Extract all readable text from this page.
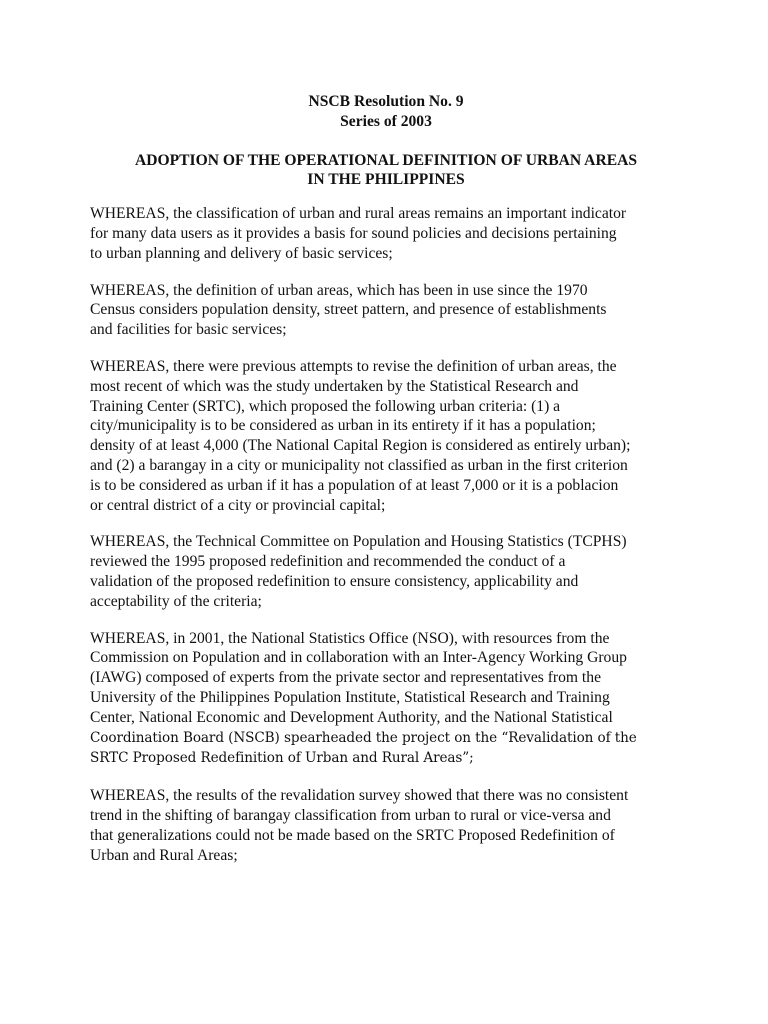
NSCB Resolution No. 9

Series of 2003

ADOPTION OF THE OPERATIONAL DEFINITION OF URBAN AREAS

IN THE PHILIPPINES

WHEREAS, the classification of urban and rural areas remains an important indicator
for many data users as it provides a basis for sound policies and decisions pertaining
to urban planning and delivery of basic services;

WHEREAS, the definition of urban areas, which has been in use since the 1970
Census considers population density, street pattern, and presence of establishments
and facilities for basic services;

WHEREAS, there were previous attempts to revise the definition of urban areas, the
most recent of which was the study undertaken by the Statistical Research and
Training Center (SRTC), which proposed the following urban criteria: (1) a
city/municipality is to be considered as urban in its entirety if it has a population;
density of at least 4,000 (The National Capital Region is considered as entirely urban);
and (2) a barangay in a city or municipality not classified as urban in the first criterion
is to be considered as urban if it has a population of at least 7,000 or it is a poblacion
or central district of a city or provincial capital;

WHEREAS, the Technical Committee on Population and Housing Statistics (TCPHS)
reviewed the 1995 proposed redefinition and recommended the conduct of a
validation of the proposed redefinition to ensure consistency, applicability and
acceptability of the criteria;

WHEREAS, in 2001, the National Statistics Office (NSO), with resources from the
Commission on Population and in collaboration with an Inter-Agency Working Group
(IAWG) composed of experts from the private sector and representatives from the
University of the Philippines Population Institute, Statistical Research and Training
Center, National Economic and Development Authority, and the National Statistical
Coordination Board (NSCB) spearheaded the project on the “Revalidation of the
SRTC Proposed Redefinition of Urban and Rural Areas”;

WHEREAS, the results of the revalidation survey showed that there was no consistent
trend in the shifting of barangay classification from urban to rural or vice-versa and
that generalizations could not be made based on the SRTC Proposed Redefinition of
Urban and Rural Areas;
